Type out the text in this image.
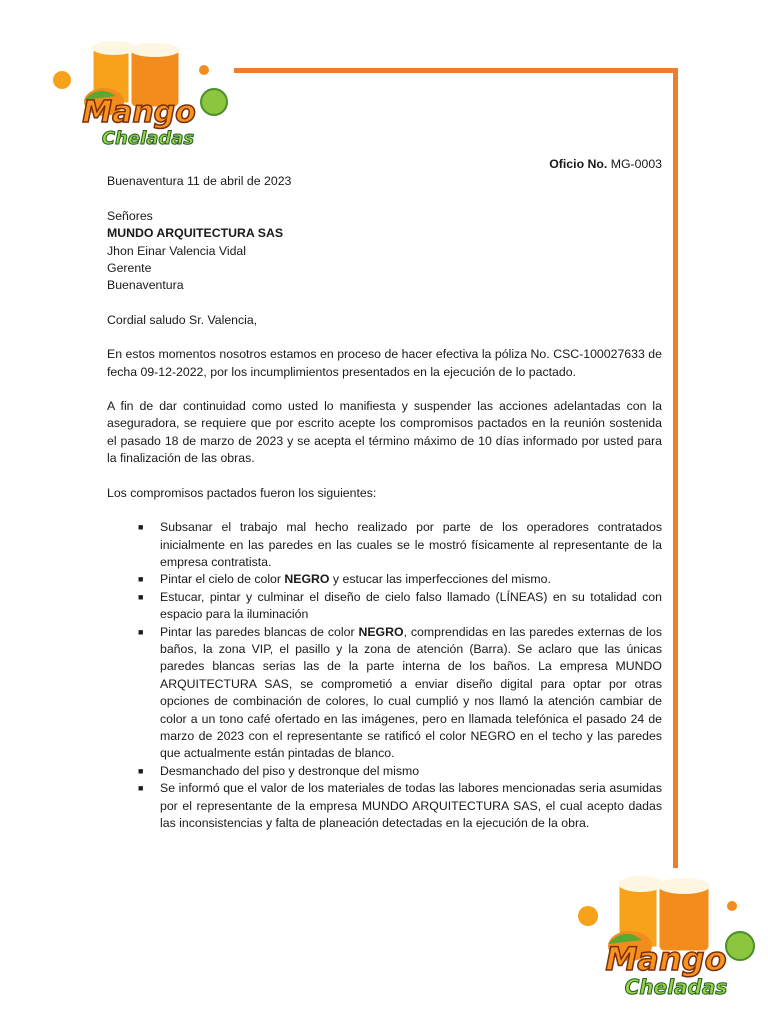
Mango
Cheladas
Mango
Cheladas

Oficio No. MG-0003

Buenaventura 11 de abril de 2023

Señores

MUNDO ARQUITECTURA SAS

Jhon Einar Valencia Vidal

Gerente

Buenaventura

Cordial saludo Sr. Valencia,

En estos momentos nosotros estamos en proceso de hacer efectiva la póliza No. CSC-100027633 de fecha 09-12-2022, por los incumplimientos presentados en la ejecución de lo pactado.

A fin de dar continuidad como usted lo manifiesta y suspender las acciones adelantadas con la aseguradora, se requiere que por escrito acepte los compromisos pactados en la reunión sostenida el pasado 18 de marzo de 2023 y se acepta el término máximo de 10 días informado por usted para la finalización de las obras.

Los compromisos pactados fueron los siguientes:

■ Subsanar el trabajo mal hecho realizado por parte de los operadores contratados inicialmente en las paredes en las cuales se le mostró físicamente al representante de la empresa contratista.
■ Pintar el cielo de color NEGRO y estucar las imperfecciones del mismo.
■ Estucar, pintar y culminar el diseño de cielo falso llamado (LÍNEAS) en su totalidad con espacio para la iluminación
■ Pintar las paredes blancas de color NEGRO, comprendidas en las paredes externas de los baños, la zona VIP, el pasillo y la zona de atención (Barra). Se aclaro que las únicas paredes blancas serias las de la parte interna de los baños. La empresa MUNDO ARQUITECTURA SAS, se comprometió a enviar diseño digital para optar por otras opciones de combinación de colores, lo cual cumplió y nos llamó la atención cambiar de color a un tono café ofertado en las imágenes, pero en llamada telefónica el pasado 24 de marzo de 2023 con el representante se ratificó el color NEGRO en el techo y las paredes que actualmente están pintadas de blanco.
■ Desmanchado del piso y destronque del mismo
■ Se informó que el valor de los materiales de todas las labores mencionadas seria asumidas por el representante de la empresa MUNDO ARQUITECTURA SAS, el cual acepto dadas las inconsistencias y falta de planeación detectadas en la ejecución de la obra.
